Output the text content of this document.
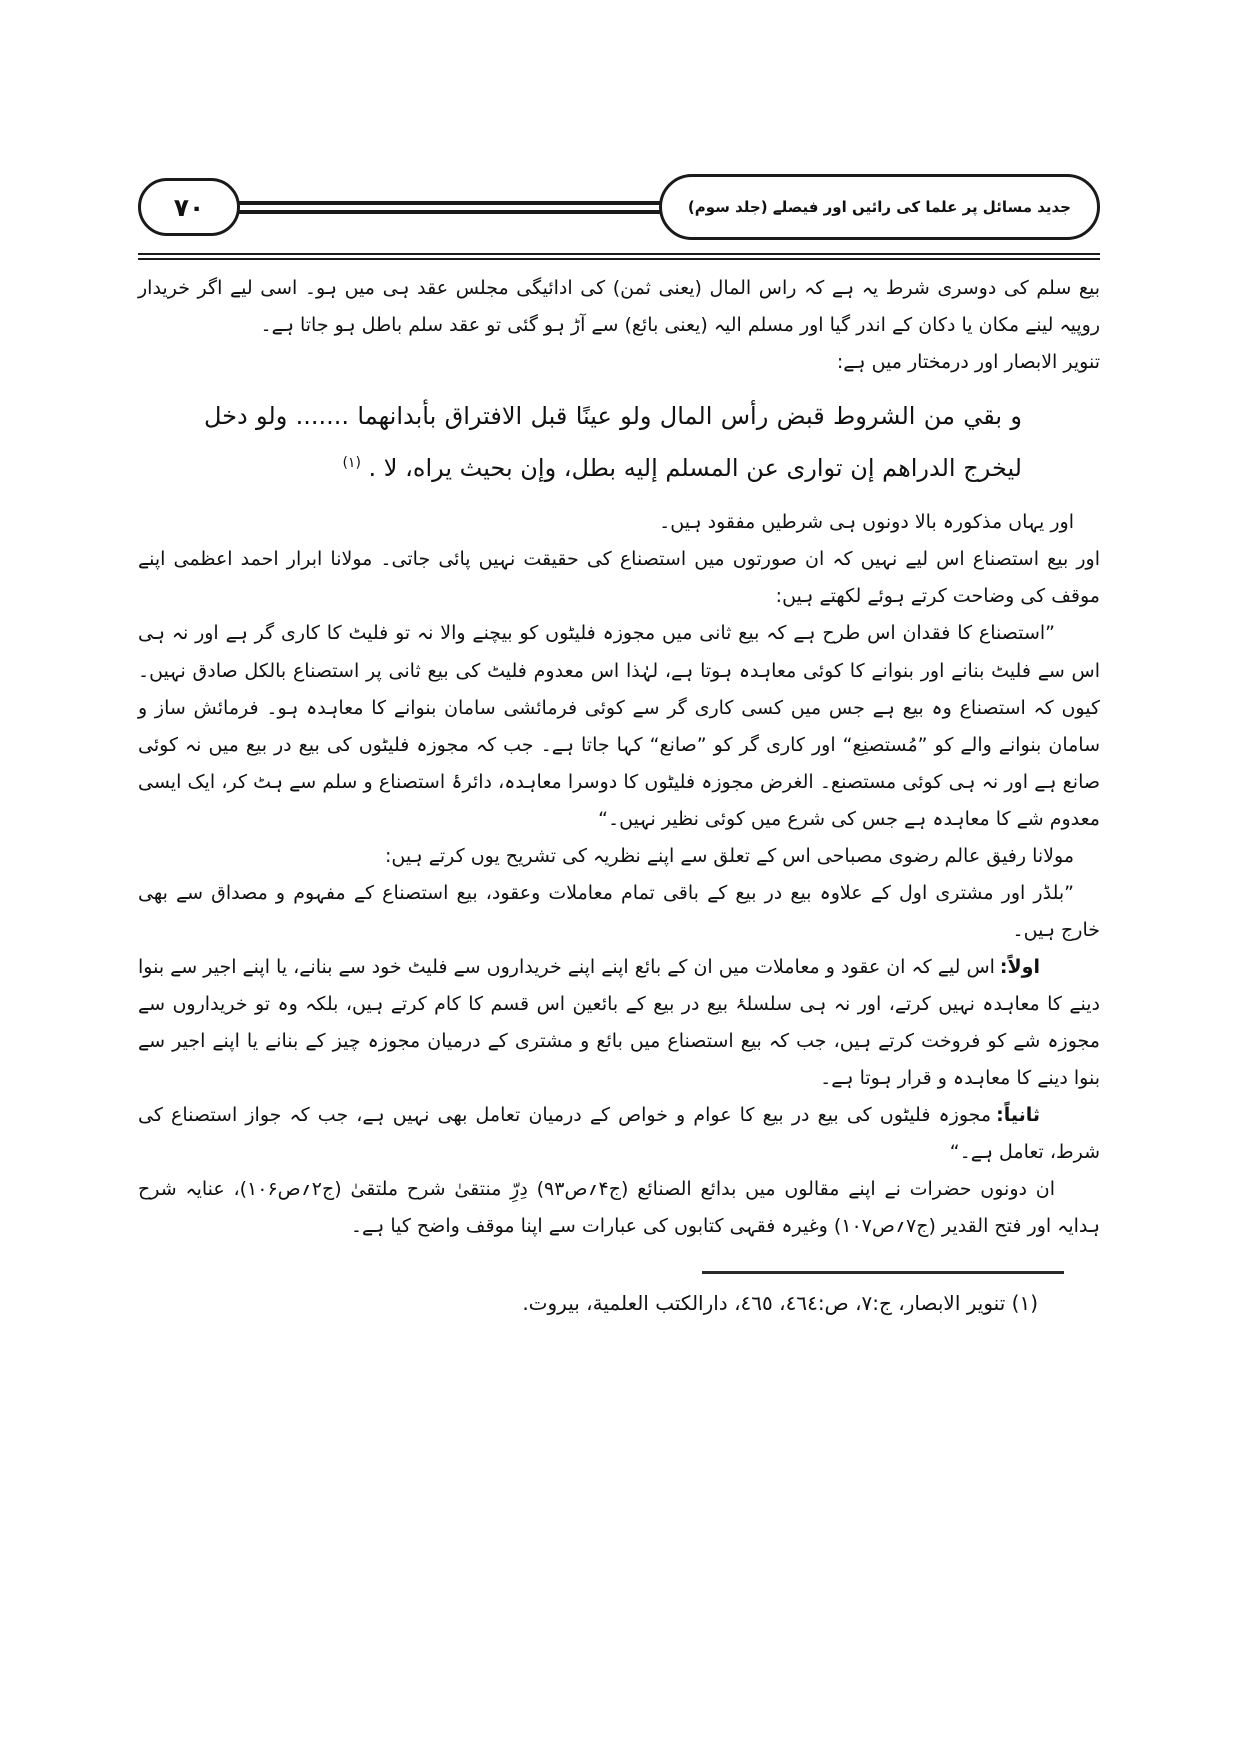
جدید مسائل پر علما کی رائیں اور فیصلے (جلد سوم)
۷۰

بیع سلم کی دوسری شرط یہ ہے کہ راس المال (یعنی ثمن) کی ادائیگی مجلس عقد ہی میں ہو۔ اسی لیے اگر خریدار روپیہ لینے مکان یا دکان کے اندر گیا اور مسلم الیہ (یعنی بائع) سے آڑ ہو گئی تو عقد سلم باطل ہو جاتا ہے۔

تنویر الابصار اور درمختار میں ہے:

و بقي من الشروط قبض رأس المال ولو عينًا قبل الافتراق بأبدانهما ....... ولو دخل ليخرج الدراهم إن توارى عن المسلم إليه بطل، وإن بحيث يراه، لا . $^{(١)}$

اور یہاں مذکورہ بالا دونوں ہی شرطیں مفقود ہیں۔

اور بیع استصناع اس لیے نہیں کہ ان صورتوں میں استصناع کی حقیقت نہیں پائی جاتی۔ مولانا ابرار احمد اعظمی اپنے موقف کی وضاحت کرتے ہوئے لکھتے ہیں:

”استصناع کا فقدان اس طرح ہے کہ بیع ثانی میں مجوزہ فلیٹوں کو بیچنے والا نہ تو فلیٹ کا کاری گر ہے اور نہ ہی اس سے فلیٹ بنانے اور بنوانے کا کوئی معاہدہ ہوتا ہے، لہٰذا اس معدوم فلیٹ کی بیع ثانی پر استصناع بالکل صادق نہیں۔ کیوں کہ استصناع وہ بیع ہے جس میں کسی کاری گر سے کوئی فرمائشی سامان بنوانے کا معاہدہ ہو۔ فرمائش ساز و سامان بنوانے والے کو ”مُستصنِع“ اور کاری گر کو ”صانع“ کہا جاتا ہے۔ جب کہ مجوزہ فلیٹوں کی بیع در بیع میں نہ کوئی صانع ہے اور نہ ہی کوئی مستصنع۔ الغرض مجوزہ فلیٹوں کا دوسرا معاہدہ، دائرۂ استصناع و سلم سے ہٹ کر، ایک ایسی معدوم شے کا معاہدہ ہے جس کی شرع میں کوئی نظیر نہیں۔“

مولانا رفیق عالم رضوی مصباحی اس کے تعلق سے اپنے نظریہ کی تشریح یوں کرتے ہیں:

”بلڈر اور مشتری اول کے علاوہ بیع در بیع کے باقی تمام معاملات وعقود، بیع استصناع کے مفہوم و مصداق سے بھی خارج ہیں۔

اولاً:اس لیے کہ ان عقود و معاملات میں ان کے بائع اپنے اپنے خریداروں سے فلیٹ خود سے بنانے، یا اپنے اجیر سے بنوا دینے کا معاہدہ نہیں کرتے، اور نہ ہی سلسلۂ بیع در بیع کے بائعین اس قسم کا کام کرتے ہیں، بلکہ وہ تو خریداروں سے مجوزہ شے کو فروخت کرتے ہیں، جب کہ بیع استصناع میں بائع و مشتری کے درمیان مجوزہ چیز کے بنانے یا اپنے اجیر سے بنوا دینے کا معاہدہ و قرار ہوتا ہے۔

ثانیاً:مجوزہ فلیٹوں کی بیع در بیع کا عوام و خواص کے درمیان تعامل بھی نہیں ہے، جب کہ جواز استصناع کی شرط، تعامل ہے۔“

ان دونوں حضرات نے اپنے مقالوں میں بدائع الصنائع (ج۴؍ص۹۳) دِرِّ منتقیٰ شرح ملتقیٰ (ج۲؍ص۱۰۶)، عنایہ شرح ہدایہ اور فتح القدیر (ج۷؍ص۱۰۷) وغیرہ فقہی کتابوں کی عبارات سے اپنا موقف واضح کیا ہے۔

(١) تنوير الابصار، ج:٧، ص:٤٦٤، ٤٦٥، دارالكتب العلمية، بيروت.
